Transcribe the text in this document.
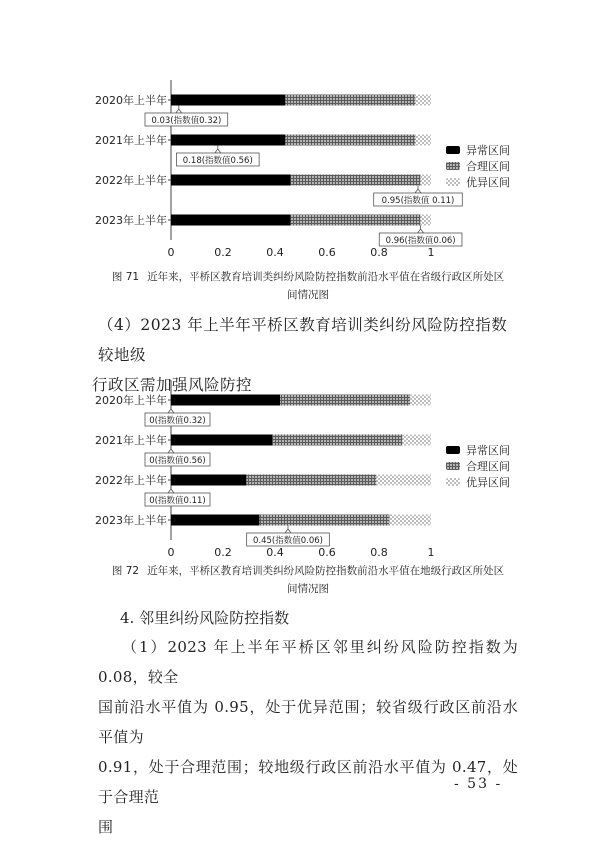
0	0.2	0.4	0.6	0.8	1
2020年上半年
2021年上半年
2022年上半年
2023年上半年
0.03(指数值0.32)
0.18(指数值0.56)
0.95(指数值 0.11)
0.96(指数值0.06)
异常区间
合理区间
优异区间
图 71 近年来，平桥区教育培训类纠纷风险防控指数前沿水平值在省级行政区所处区
间情况图
（4）2023 年上半年平桥区教育培训类纠纷风险防控指数较地级
行政区需加强风险防控
0	0.2	0.4	0.6	0.8	1
2020年上半年
2021年上半年
2022年上半年
2023年上半年
0(指数值0.32)
0(指数值0.56)
0(指数值0.11)
0.45(指数值0.06)
异常区间
合理区间
优异区间
图 72 近年来，平桥区教育培训类纠纷风险防控指数前沿水平值在地级行政区所处区
间情况图
4. 邻里纠纷风险防控指数
（1）2023 年上半年平桥区邻里纠纷风险防控指数为 0.08，较全
国前沿水平值为 0.95，处于优异范围；较省级行政区前沿水平值为
0.91，处于合理范围；较地级行政区前沿水平值为 0.47，处于合理范
围
- 53 -
